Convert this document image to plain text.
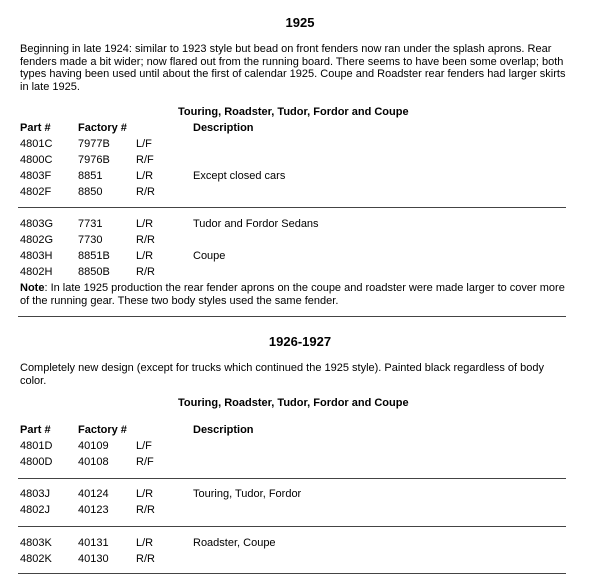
1925
Beginning in late 1924: similar to 1923 style but bead on front fenders now ran under the splash aprons. Rear fenders made a bit wider; now flared out from the running board. There seems to have been some overlap; both types having been used until about the first of calendar 1925. Coupe and Roadster rear fenders had larger skirts in late 1925.
Touring, Roadster, Tudor, Fordor and Coupe
Part # Factory #	Description
4801C 7977B L/F
4800C 7976B R/F
4803F 8851	L/R	Except closed cars
4802F 8850	R/R
4803G 7731	L/R	Tudor and Fordor Sedans
4802G 7730	R/R
4803H 8851B L/R	Coupe
4802H 8850B R/R
Note: In late 1925 production the rear fender aprons on the coupe and roadster were made larger to cover more of the running gear. These two body styles used the same fender.
1926-1927
Completely new design (except for trucks which continued the 1925 style). Painted black regardless of body color.
Touring, Roadster, Tudor, Fordor and Coupe
Part # Factory #	Description
4801D 40109 L/F
4800D 40108 R/F
4803J	40124 L/R	Touring, Tudor, Fordor
4802J	40123 R/R
4803K 40131 L/R	Roadster, Coupe
4802K 40130 R/R
